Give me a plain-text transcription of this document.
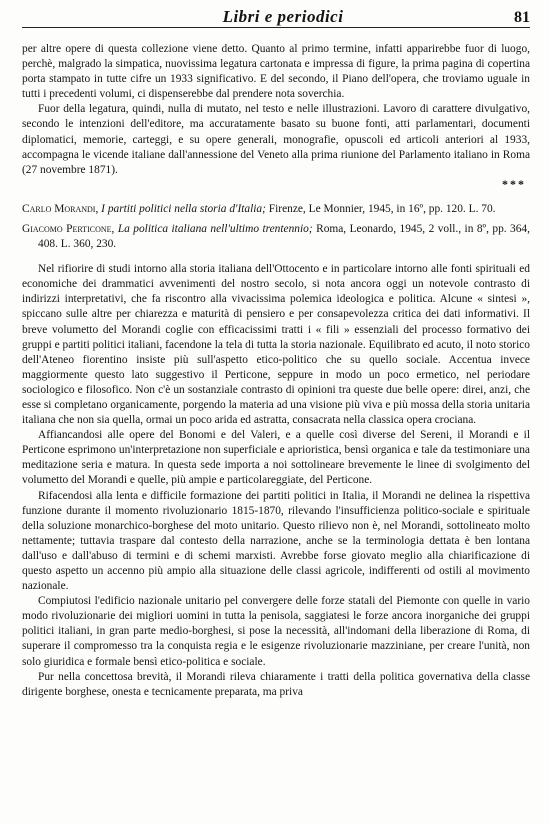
Libri e periodici	81

per altre opere di questa collezione viene detto. Quanto al primo termine, infatti apparirebbe fuor di luogo, perchè, malgrado la simpatica, nuovissima legatura cartonata e impressa di figure, la prima pagina di copertina porta stampato in tutte cifre un 1933 significativo. E del secondo, il Piano dell'opera, che troviamo uguale in tutti i precedenti volumi, ci dispenserebbe dal prendere nota soverchia.

Fuor della legatura, quindi, nulla di mutato, nel testo e nelle illustrazioni. Lavoro di carattere divulgativo, secondo le intenzioni dell'editore, ma accuratamente basato su buone fonti, atti parlamentari, documenti diplomatici, memorie, carteggi, e su opere generali, monografie, opuscoli ed articoli anteriori al 1933, accompagna le vicende italiane dall'annessione del Veneto alla prima riunione del Parlamento italiano in Roma (27 novembre 1871).

***

Carlo Morandi, I partiti politici nella storia d'Italia; Firenze, Le Monnier, 1945, in 16º, pp. 120. L. 70.

Giacomo Perticone, La politica italiana nell'ultimo trentennio; Roma, Leonardo, 1945, 2 voll., in 8º, pp. 364, 408. L. 360, 230.

Nel rifiorire di studi intorno alla storia italiana dell'Ottocento e in particolare intorno alle fonti spirituali ed economiche dei drammatici avvenimenti del nostro secolo, si nota ancora oggi un notevole contrasto di indirizzi interpretativi, che fa riscontro alla vivacissima polemica ideologica e politica. Alcune « sintesi », spiccano sulle altre per chiarezza e maturità di pensiero e per consapevolezza critica dei dati informativi. Il breve volumetto del Morandi coglie con efficacissimi tratti i « fili » essenziali del processo formativo dei gruppi e partiti politici italiani, facendone la tela di tutta la storia nazionale. Equilibrato ed acuto, il noto storico dell'Ateneo fiorentino insiste più sull'aspetto etico-politico che su quello sociale. Accentua invece maggiormente questo lato suggestivo il Perticone, seppure in modo un poco ermetico, nel periodare sociologico e filosofico. Non c'è un sostanziale contrasto di opinioni tra queste due belle opere: direi, anzi, che esse si completano organicamente, porgendo la materia ad una visione più viva e più mossa della storia unitaria italiana che non sia quella, ormai un poco arida ed astratta, consacrata nella classica opera crociana.

Affiancandosi alle opere del Bonomi e del Valeri, e a quelle così diverse del Sereni, il Morandi e il Perticone esprimono un'interpretazione non superficiale e aprioristica, bensì organica e tale da testimoniare una meditazione seria e matura. In questa sede importa a noi sottolineare brevemente le linee di svolgimento del volumetto del Morandi e quelle, più ampie e particolareggiate, del Perticone.

Rifacendosi alla lenta e difficile formazione dei partiti politici in Italia, il Morandi ne delinea la rispettiva funzione durante il momento rivoluzionario 1815-1870, rilevando l'insufficienza politico-sociale e spirituale della soluzione monarchico-borghese del moto unitario. Questo rilievo non è, nel Morandi, sottolineato molto nettamente; tuttavia traspare dal contesto della narrazione, anche se la terminologia dettata è ben lontana dall'uso e dall'abuso di termini e di schemi marxisti. Avrebbe forse giovato meglio alla chiarificazione di questo aspetto un accenno più ampio alla situazione delle classi agricole, indifferenti od ostili al movimento nazionale.

Compiutosi l'edificio nazionale unitario pel convergere delle forze statali del Piemonte con quelle in vario modo rivoluzionarie dei migliori uomini in tutta la penisola, saggiatesi le forze ancora inorganiche dei gruppi politici italiani, in gran parte medio-borghesi, si pose la necessità, all'indomani della liberazione di Roma, di superare il compromesso tra la conquista regia e le esigenze rivoluzionarie mazziniane, per creare l'unità, non solo giuridica e formale bensì etico-politica e sociale.

Pur nella concettosa brevità, il Morandi rileva chiaramente i tratti della politica governativa della classe dirigente borghese, onesta e tecnicamente preparata, ma priva
